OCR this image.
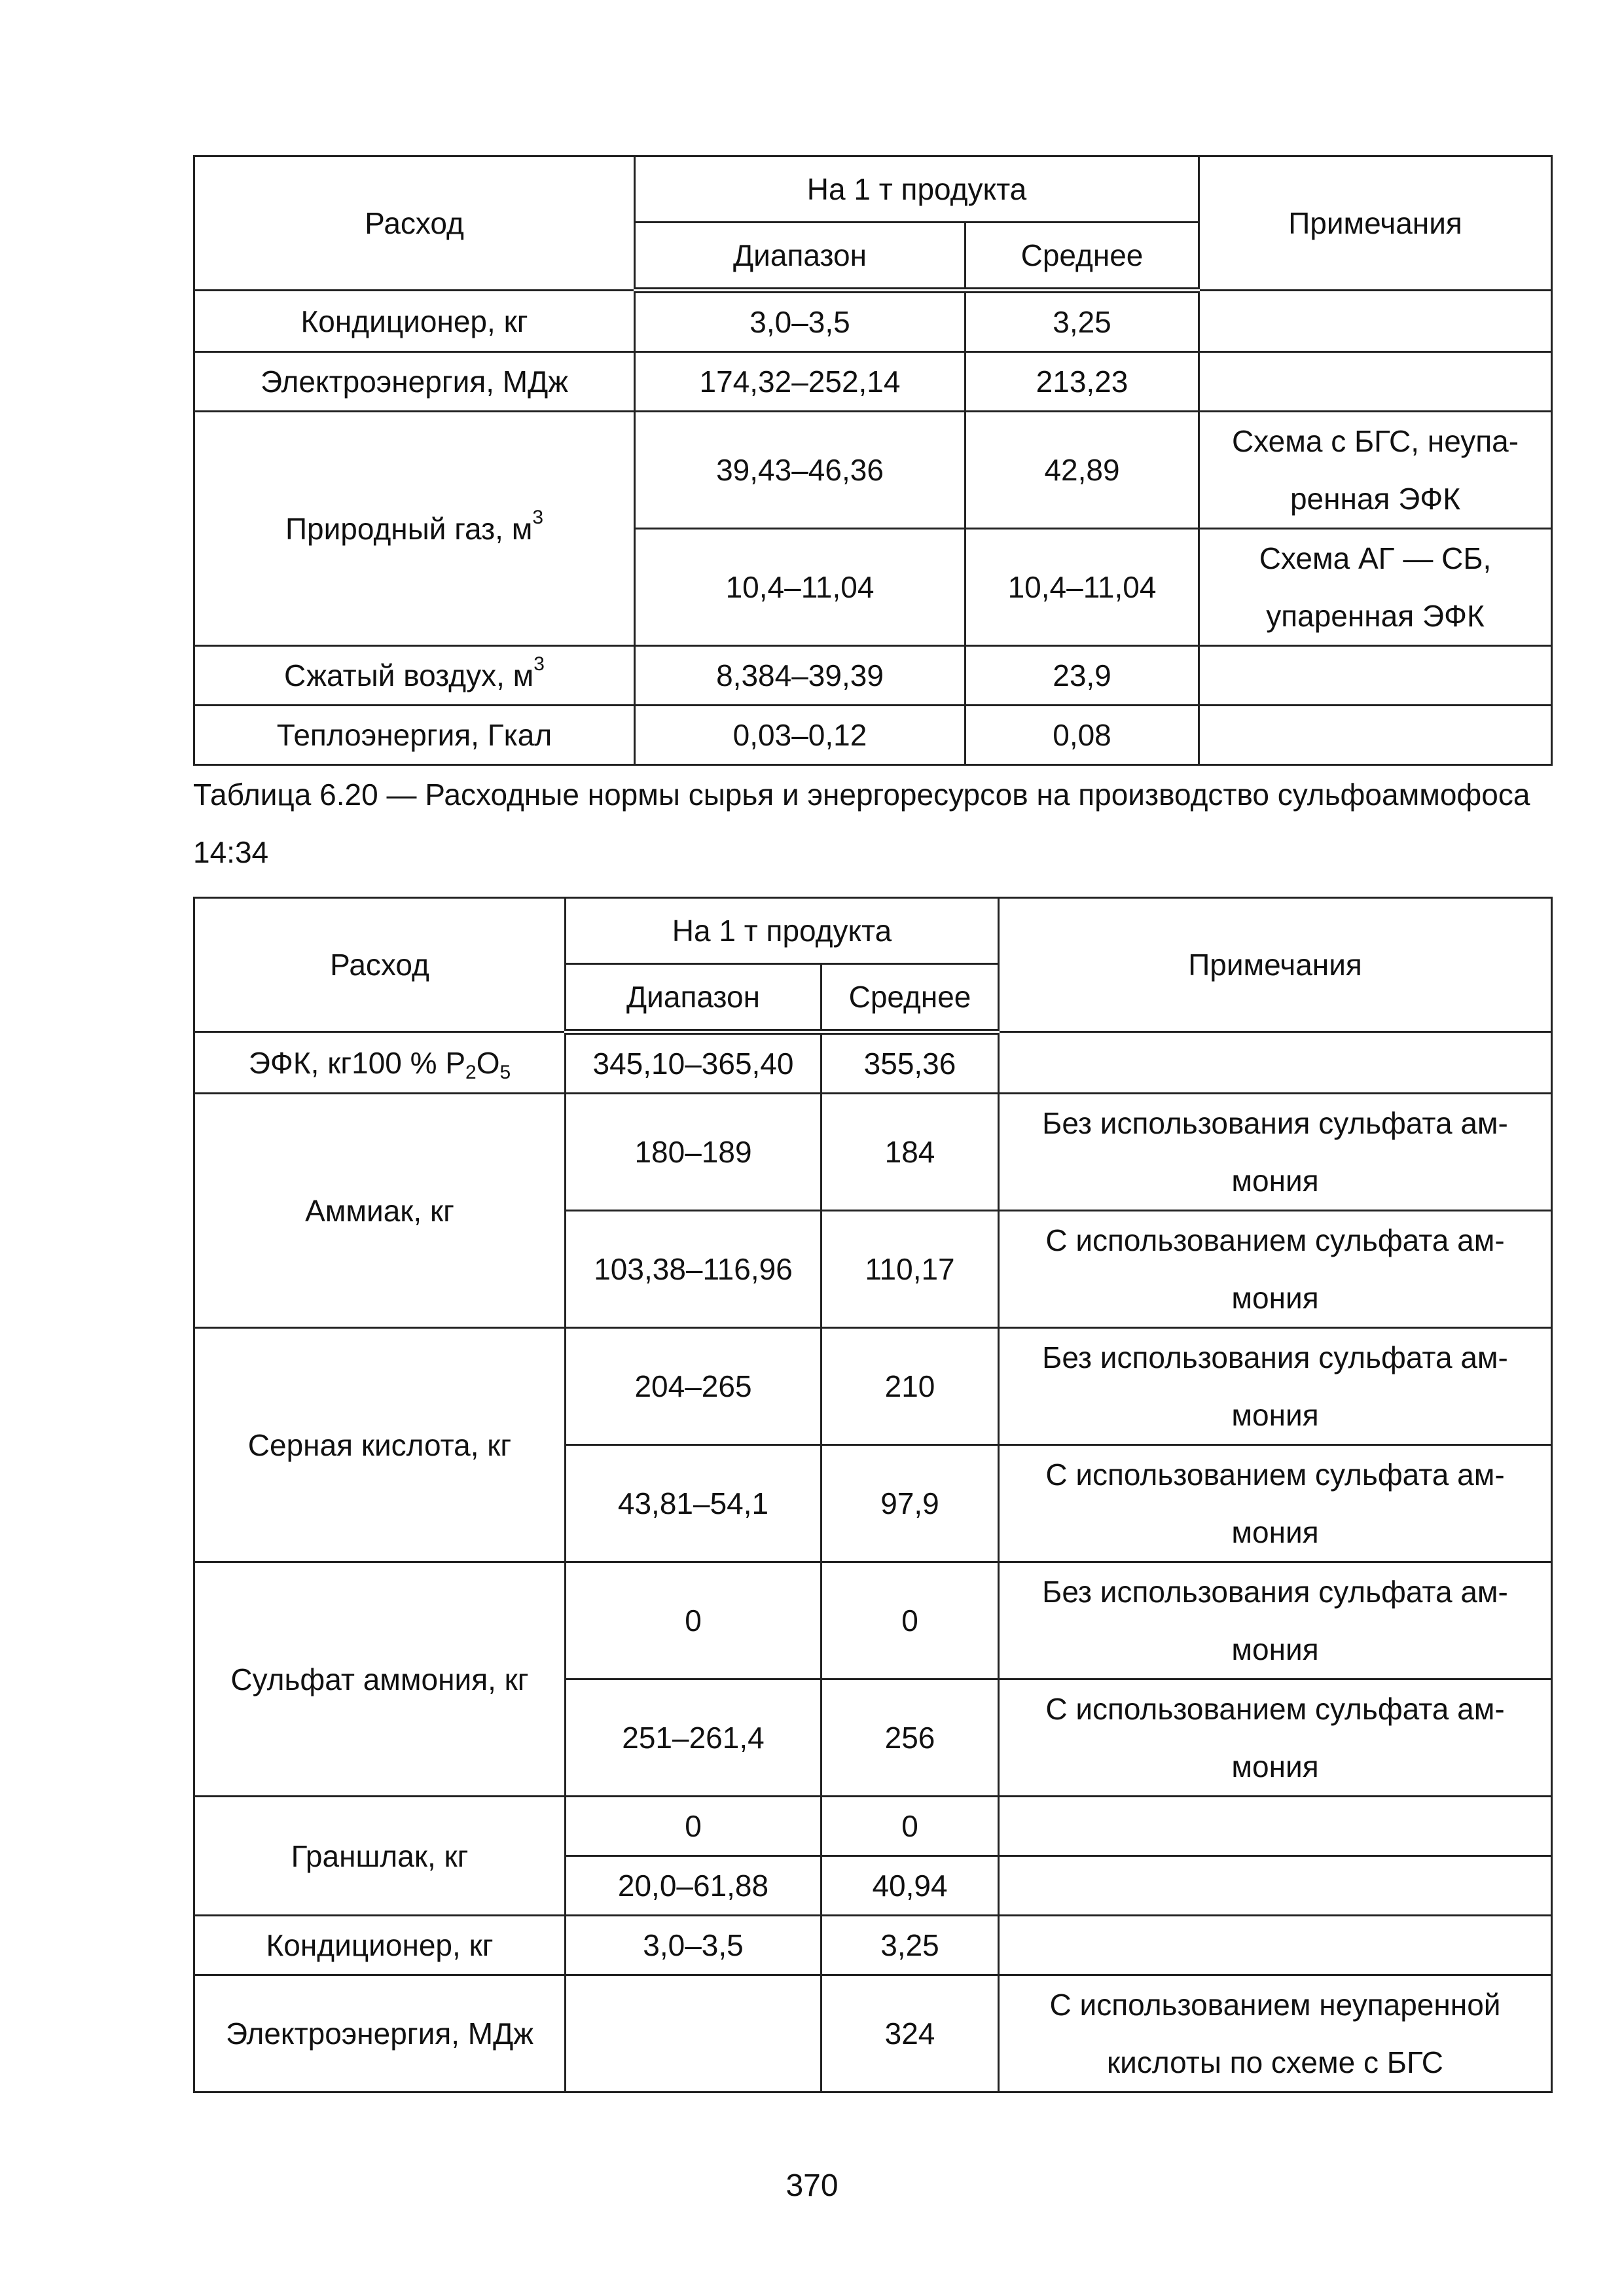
Расход	На 1 т продукта		Примечания
	Диапазон	Среднее	
Кондиционер, кг	3,0–3,5	3,25	
Электроэнергия, МДж	174,32–252,14	213,23	
Природный газ, $м^3$	39,43–46,36	42,89	Схема с БГС, неупа-ренная ЭФК
	10,4–11,04	10,4–11,04	Схема АГ — СБ, упаренная ЭФК
Сжатый воздух, $м^3$	8,384–39,39	23,9	
Теплоэнергия, Гкал	0,03–0,12	0,08	
Таблица 6.20 — Расходные нормы сырья и энергоресурсов на производство сульфоаммофоса 14:34
Расход	На 1 т продукта		Примечания
	Диапазон	Среднее	
ЭФК, кг100 % $P_2O_5$	345,10–365,40	355,36	
Аммиак, кг	180–189	184	Без использования сульфата ам-мония
	103,38–116,96	110,17	С использованием сульфата ам-мония
Серная кислота, кг	204–265	210	Без использования сульфата ам-мония
	43,81–54,1	97,9	С использованием сульфата ам-мония
Сульфат аммония, кг	0	0	Без использования сульфата ам-мония
	251–261,4	256	С использованием сульфата ам-мония
Граншлак, кг	0	0	
	20,0–61,88	40,94	
Кондиционер, кг	3,0–3,5	3,25	
Электроэнергия, МДж		324	С использованием неупаренной кислоты по схеме с БГС
370
